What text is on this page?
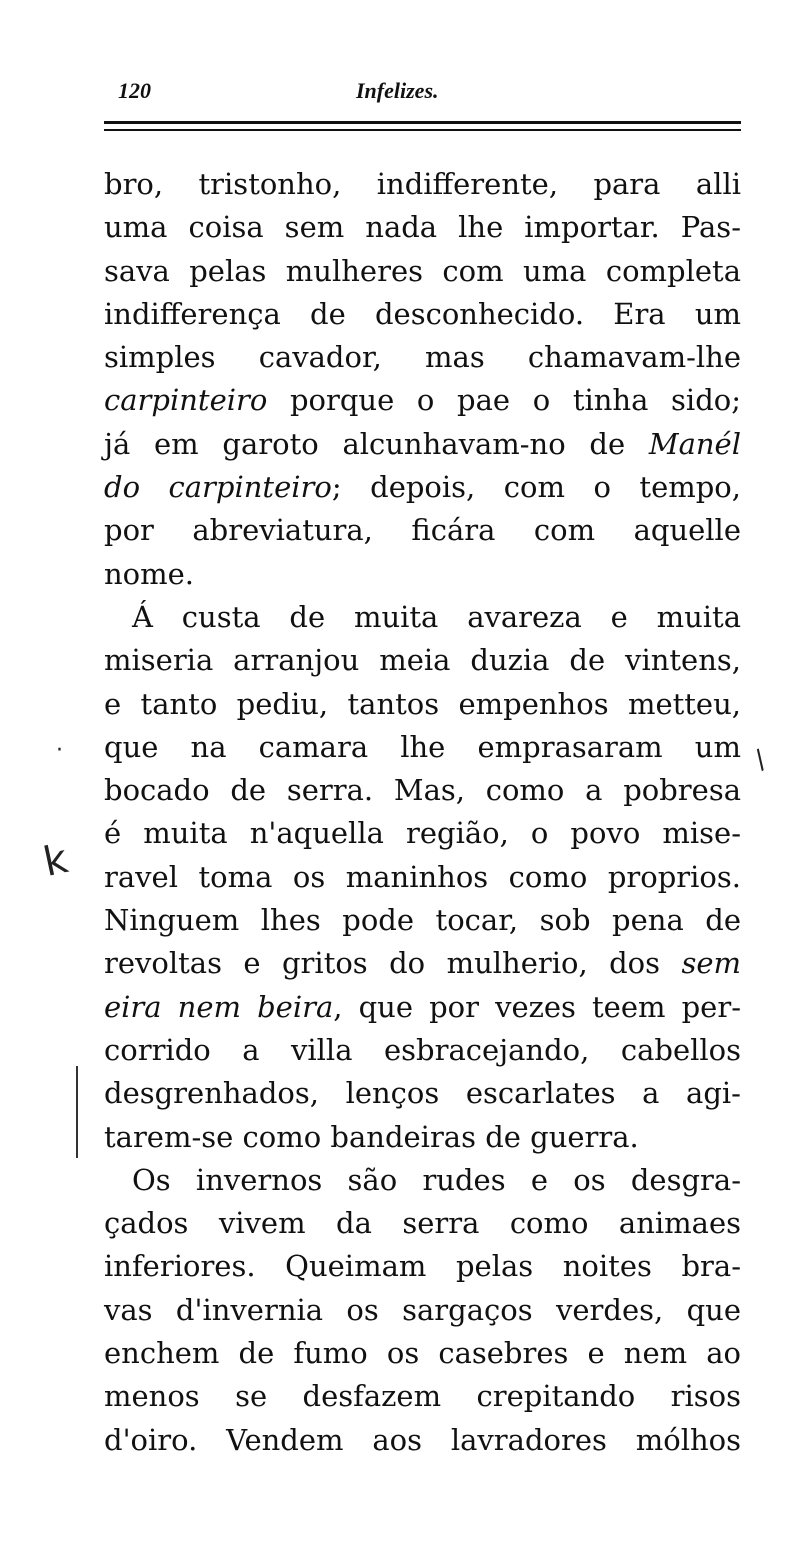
120	Infelizes.
bro, tristonho, indifferente, para alli
uma coisa sem nada lhe importar. Pas-
sava pelas mulheres com uma completa
indifferença de desconhecido. Era um
simples cavador, mas chamavam-lhe
carpinteiro porque o pae o tinha sido;
já em garoto alcunhavam-no de Manél
do carpinteiro; depois, com o tempo,
por abreviatura, ficára com aquelle
nome.
Á custa de muita avareza e muita
miseria arranjou meia duzia de vintens,
e tanto pediu, tantos empenhos metteu,
que na camara lhe emprasaram um
bocado de serra. Mas, como a pobresa
é muita n'aquella região, o povo mise-
ravel toma os maninhos como proprios.
Ninguem lhes pode tocar, sob pena de
revoltas e gritos do mulherio, dos sem
eira nem beira, que por vezes teem per-
corrido a villa esbracejando, cabellos
desgrenhados, lenços escarlates a agi-
tarem-se como bandeiras de guerra.
Os invernos são rudes e os desgra-
çados vivem da serra como animaes
inferiores. Queimam pelas noites bra-
vas d'invernia os sargaços verdes, que
enchem de fumo os casebres e nem ao
menos se desfazem crepitando risos
d'oiro. Vendem aos lavradores mólhos
k
·	/
